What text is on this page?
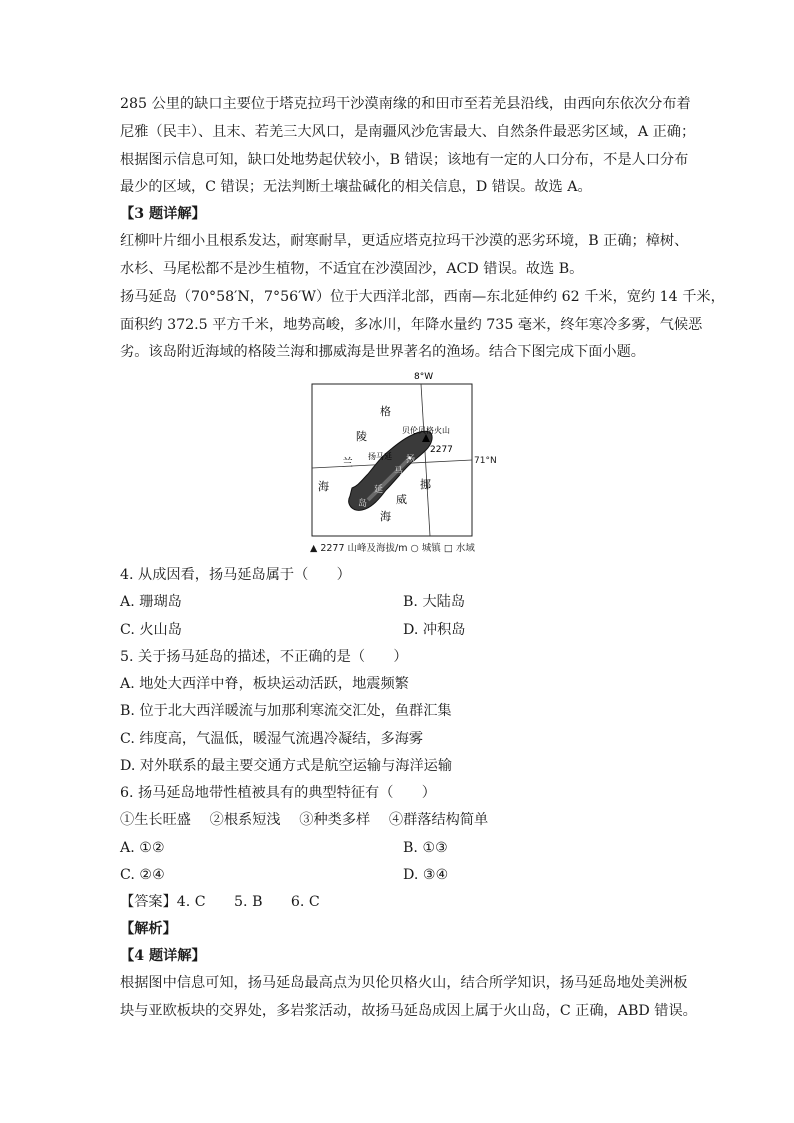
285 公里的缺口主要位于塔克拉玛干沙漠南缘的和田市至若羌县沿线，由西向东依次分布着
尼雅（民丰）、且末、若羌三大风口，是南疆风沙危害最大、自然条件最恶劣区域，A 正确；
根据图示信息可知，缺口处地势起伏较小，B 错误；该地有一定的人口分布，不是人口分布
最少的区域，C 错误；无法判断土壤盐碱化的相关信息，D 错误。故选 A。
【3 题详解】
红柳叶片细小且根系发达，耐寒耐旱，更适应塔克拉玛干沙漠的恶劣环境，B 正确；樟树、
水杉、马尾松都不是沙生植物，不适宜在沙漠固沙，ACD 错误。故选 B。
扬马延岛（70°58′N，7°56′W）位于大西洋北部，西南—东北延伸约 62 千米，宽约 14 千米，
面积约 372.5 平方千米，地势高峻，多冰川，年降水量约 735 毫米，终年寒冷多雾，气候恶
劣。该岛附近海域的格陵兰海和挪威海是世界著名的渔场。结合下图完成下面小题。
8°W
2277
贝伦贝格火山
扬马延 扬
马
延
岛
格
陵
兰
海	挪
威
海
71°N
▲ 2277 山峰及海拔/m ○ 城镇 □ 水域
4. 从成因看，扬马延岛属于（　　）
A. 珊瑚岛	B. 大陆岛
C. 火山岛	D. 冲积岛
5. 关于扬马延岛的描述，不正确的是（　　）
A. 地处大西洋中脊，板块运动活跃，地震频繁
B. 位于北大西洋暖流与加那利寒流交汇处，鱼群汇集
C. 纬度高，气温低，暖湿气流遇冷凝结，多海雾
D. 对外联系的最主要交通方式是航空运输与海洋运输
6. 扬马延岛地带性植被具有的典型特征有（　　）
①生长旺盛　 ②根系短浅　 ③种类多样　 ④群落结构简单
A. ①②	B. ①③
C. ②④	D. ③④
【答案】4. C　　5. B　　6. C
【解析】
【4 题详解】
根据图中信息可知，扬马延岛最高点为贝伦贝格火山，结合所学知识，扬马延岛地处美洲板
块与亚欧板块的交界处，多岩浆活动，故扬马延岛成因上属于火山岛，C 正确，ABD 错误。
